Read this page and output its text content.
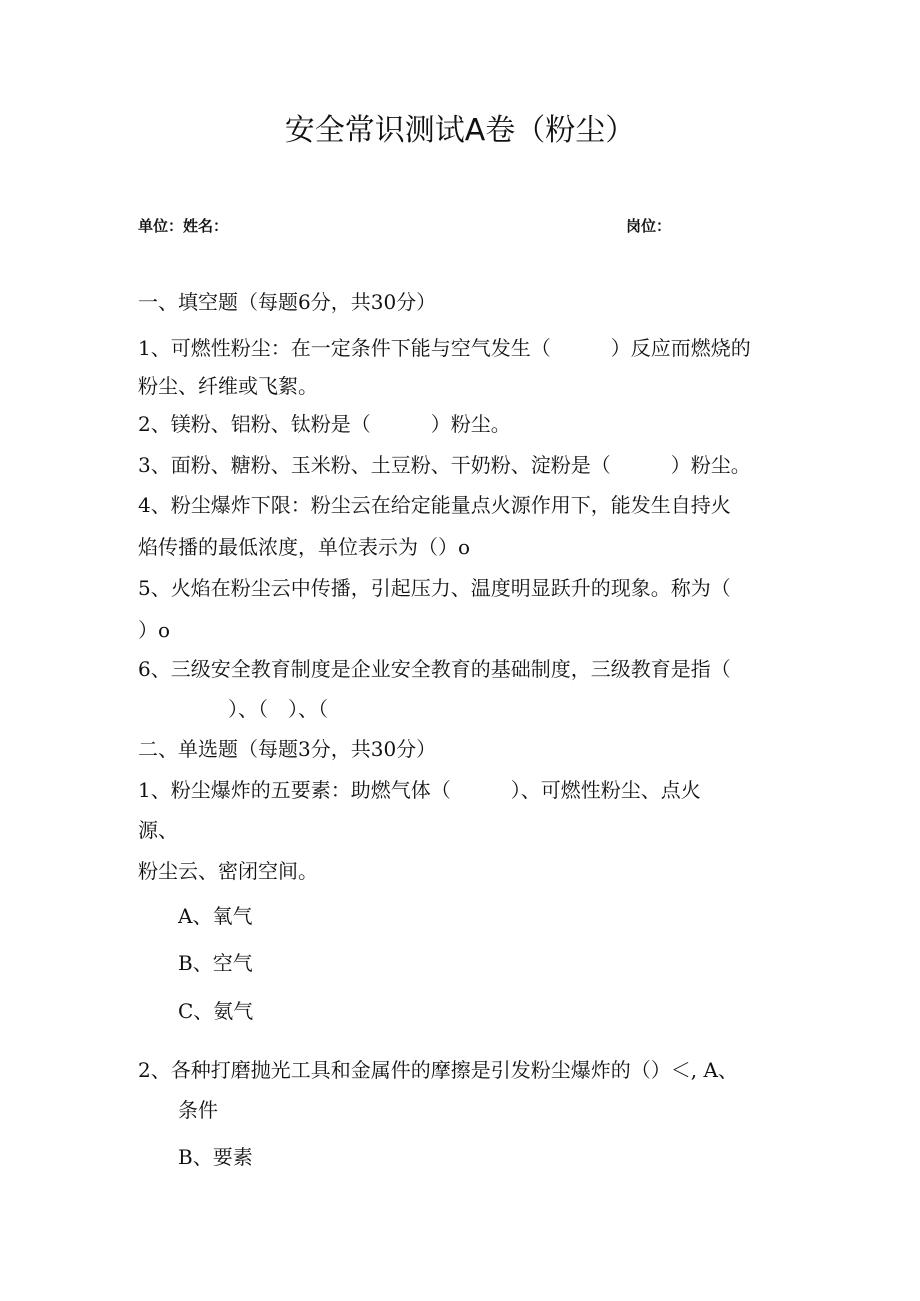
安全常识测试A卷（粉尘）
单位：姓名：	岗位：
一、填空题（每题6分，共30分）
1、可燃性粉尘：在一定条件下能与空气发生（　　　）反应而燃烧的
粉尘、纤维或飞絮。
2、镁粉、铝粉、钛粉是（　　　）粉尘。
3、面粉、糖粉、玉米粉、土豆粉、干奶粉、淀粉是（　　　）粉尘。
4、粉尘爆炸下限：粉尘云在给定能量点火源作用下，能发生自持火
焰传播的最低浓度，单位表示为（）o
5、火焰在粉尘云中传播，引起压力、温度明显跃升的现象。称为（
）o
6、三级安全教育制度是企业安全教育的基础制度，三级教育是指（
）、（　）、（
二、单选题（每题3分，共30分）
1、粉尘爆炸的五要素：助燃气体（　　　）、可燃性粉尘、点火
源、
粉尘云、密闭空间。
A、氧气
B、空气
C、氨气
2、各种打磨抛光工具和金属件的摩擦是引发粉尘爆炸的（）＜, A、
条件
B、要素
